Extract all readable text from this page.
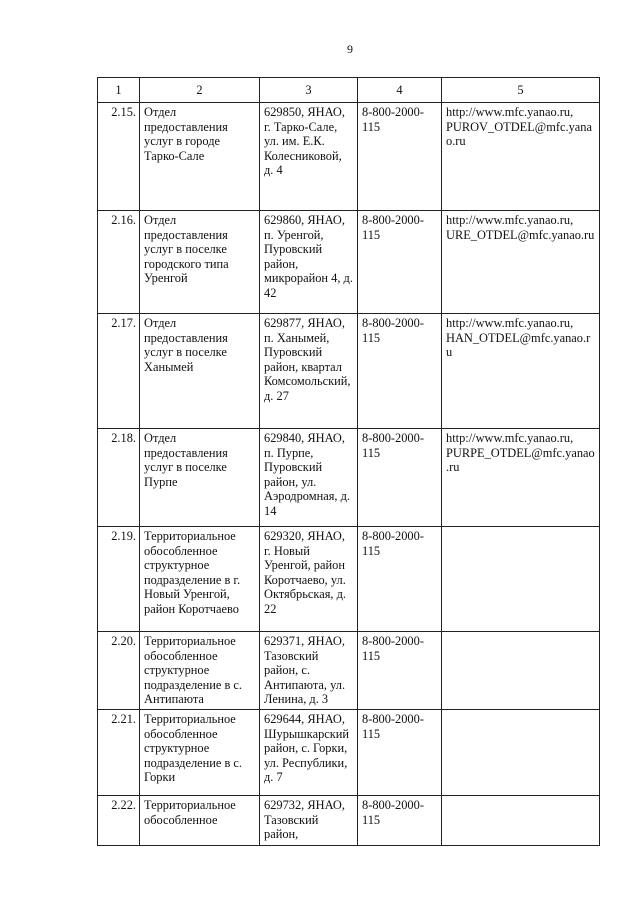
9
1	2	3	4	5
2.15.	Отдел предоставления услуг в городе Тарко-Сале	629850, ЯНАО, г. Тарко-Сале, ул. им. Е.К. Колесниковой, д. 4	8-800-2000-115	http://www.mfc.yanao.ru, PUROV_OTDEL@mfc.yanao.ru
2.16.	Отдел предоставления услуг в поселке городского типа Уренгой	629860, ЯНАО, п. Уренгой, Пуровский район, микрорайон 4, д. 42	8-800-2000-115	http://www.mfc.yanao.ru, URE_OTDEL@mfc.yanao.ru
2.17.	Отдел предоставления услуг в поселке Ханымей	629877, ЯНАО, п. Ханымей, Пуровский район, квартал Комсомольский, д. 27	8-800-2000-115	http://www.mfc.yanao.ru, HAN_OTDEL@mfc.yanao.ru
2.18.	Отдел предоставления услуг в поселке Пурпе	629840, ЯНАО, п. Пурпе, Пуровский район, ул. Аэродромная, д. 14	8-800-2000-115	http://www.mfc.yanao.ru, PURPE_OTDEL@mfc.yanao.ru
2.19.	Территориальное обособленное структурное подразделение в г. Новый Уренгой, район Коротчаево	629320, ЯНАО, г. Новый Уренгой, район Коротчаево, ул. Октябрьская, д. 22	8-800-2000-115	
2.20.	Территориальное обособленное структурное подразделение в с. Антипаюта	629371, ЯНАО, Тазовский район, с. Антипаюта, ул. Ленина, д. 3	8-800-2000-115	
2.21.	Территориальное обособленное структурное подразделение в с. Горки	629644, ЯНАО, Шурышкарский район, с. Горки, ул. Республики, д. 7	8-800-2000-115	
2.22.	Территориальное обособленное	629732, ЯНАО, Тазовский район,	8-800-2000-115	
